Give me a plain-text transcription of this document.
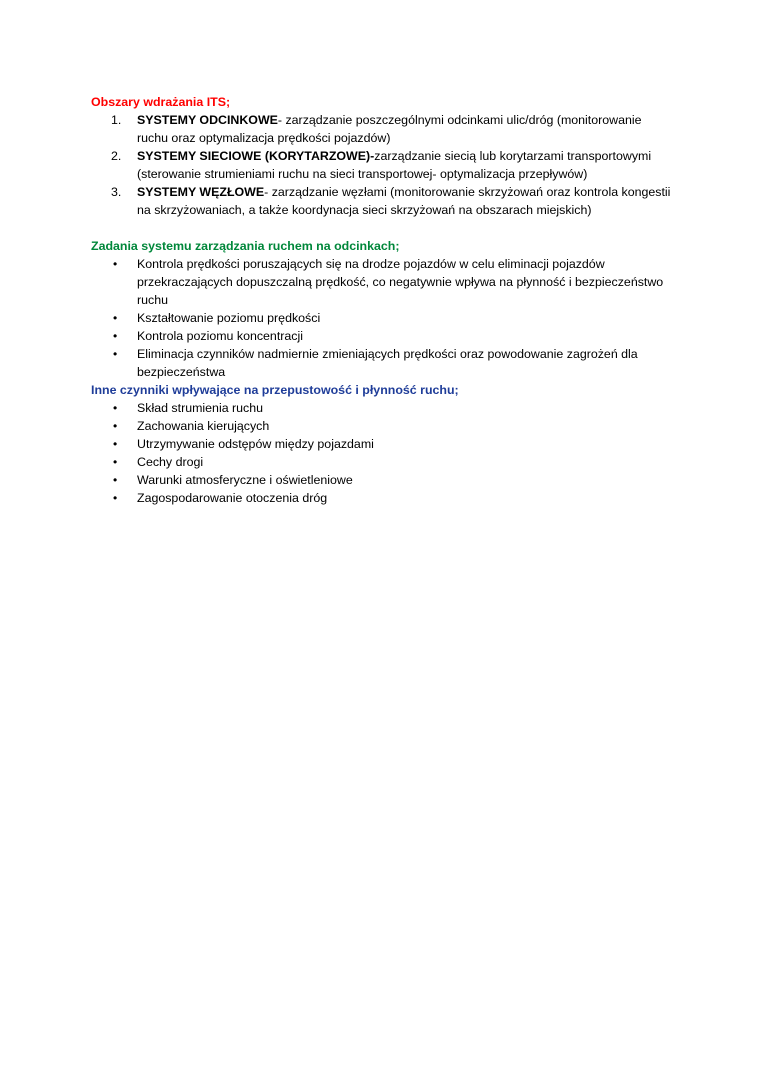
Obszary wdrażania ITS;

1. SYSTEMY ODCINKOWE- zarządzanie poszczególnymi odcinkami ulic/dróg (monitorowanie ruchu oraz optymalizacja prędkości pojazdów)
2. SYSTEMY SIECIOWE (KORYTARZOWE)-zarządzanie siecią lub korytarzami transportowymi (sterowanie strumieniami ruchu na sieci transportowej- optymalizacja przepływów)
3. SYSTEMY WĘZŁOWE- zarządzanie węzłami (monitorowanie skrzyżowań oraz kontrola kongestii na skrzyżowaniach, a także koordynacja sieci skrzyżowań na obszarach miejskich)

Zadania systemu zarządzania ruchem na odcinkach;

• Kontrola prędkości poruszających się na drodze pojazdów w celu eliminacji pojazdów przekraczających dopuszczalną prędkość, co negatywnie wpływa na płynność i bezpieczeństwo ruchu
• Kształtowanie poziomu prędkości
• Kontrola poziomu koncentracji
• Eliminacja czynników nadmiernie zmieniających prędkości oraz powodowanie zagrożeń dla bezpieczeństwa

Inne czynniki wpływające na przepustowość i płynność ruchu;

• Skład strumienia ruchu
• Zachowania kierujących
• Utrzymywanie odstępów między pojazdami
• Cechy drogi
• Warunki atmosferyczne i oświetleniowe
• Zagospodarowanie otoczenia dróg
